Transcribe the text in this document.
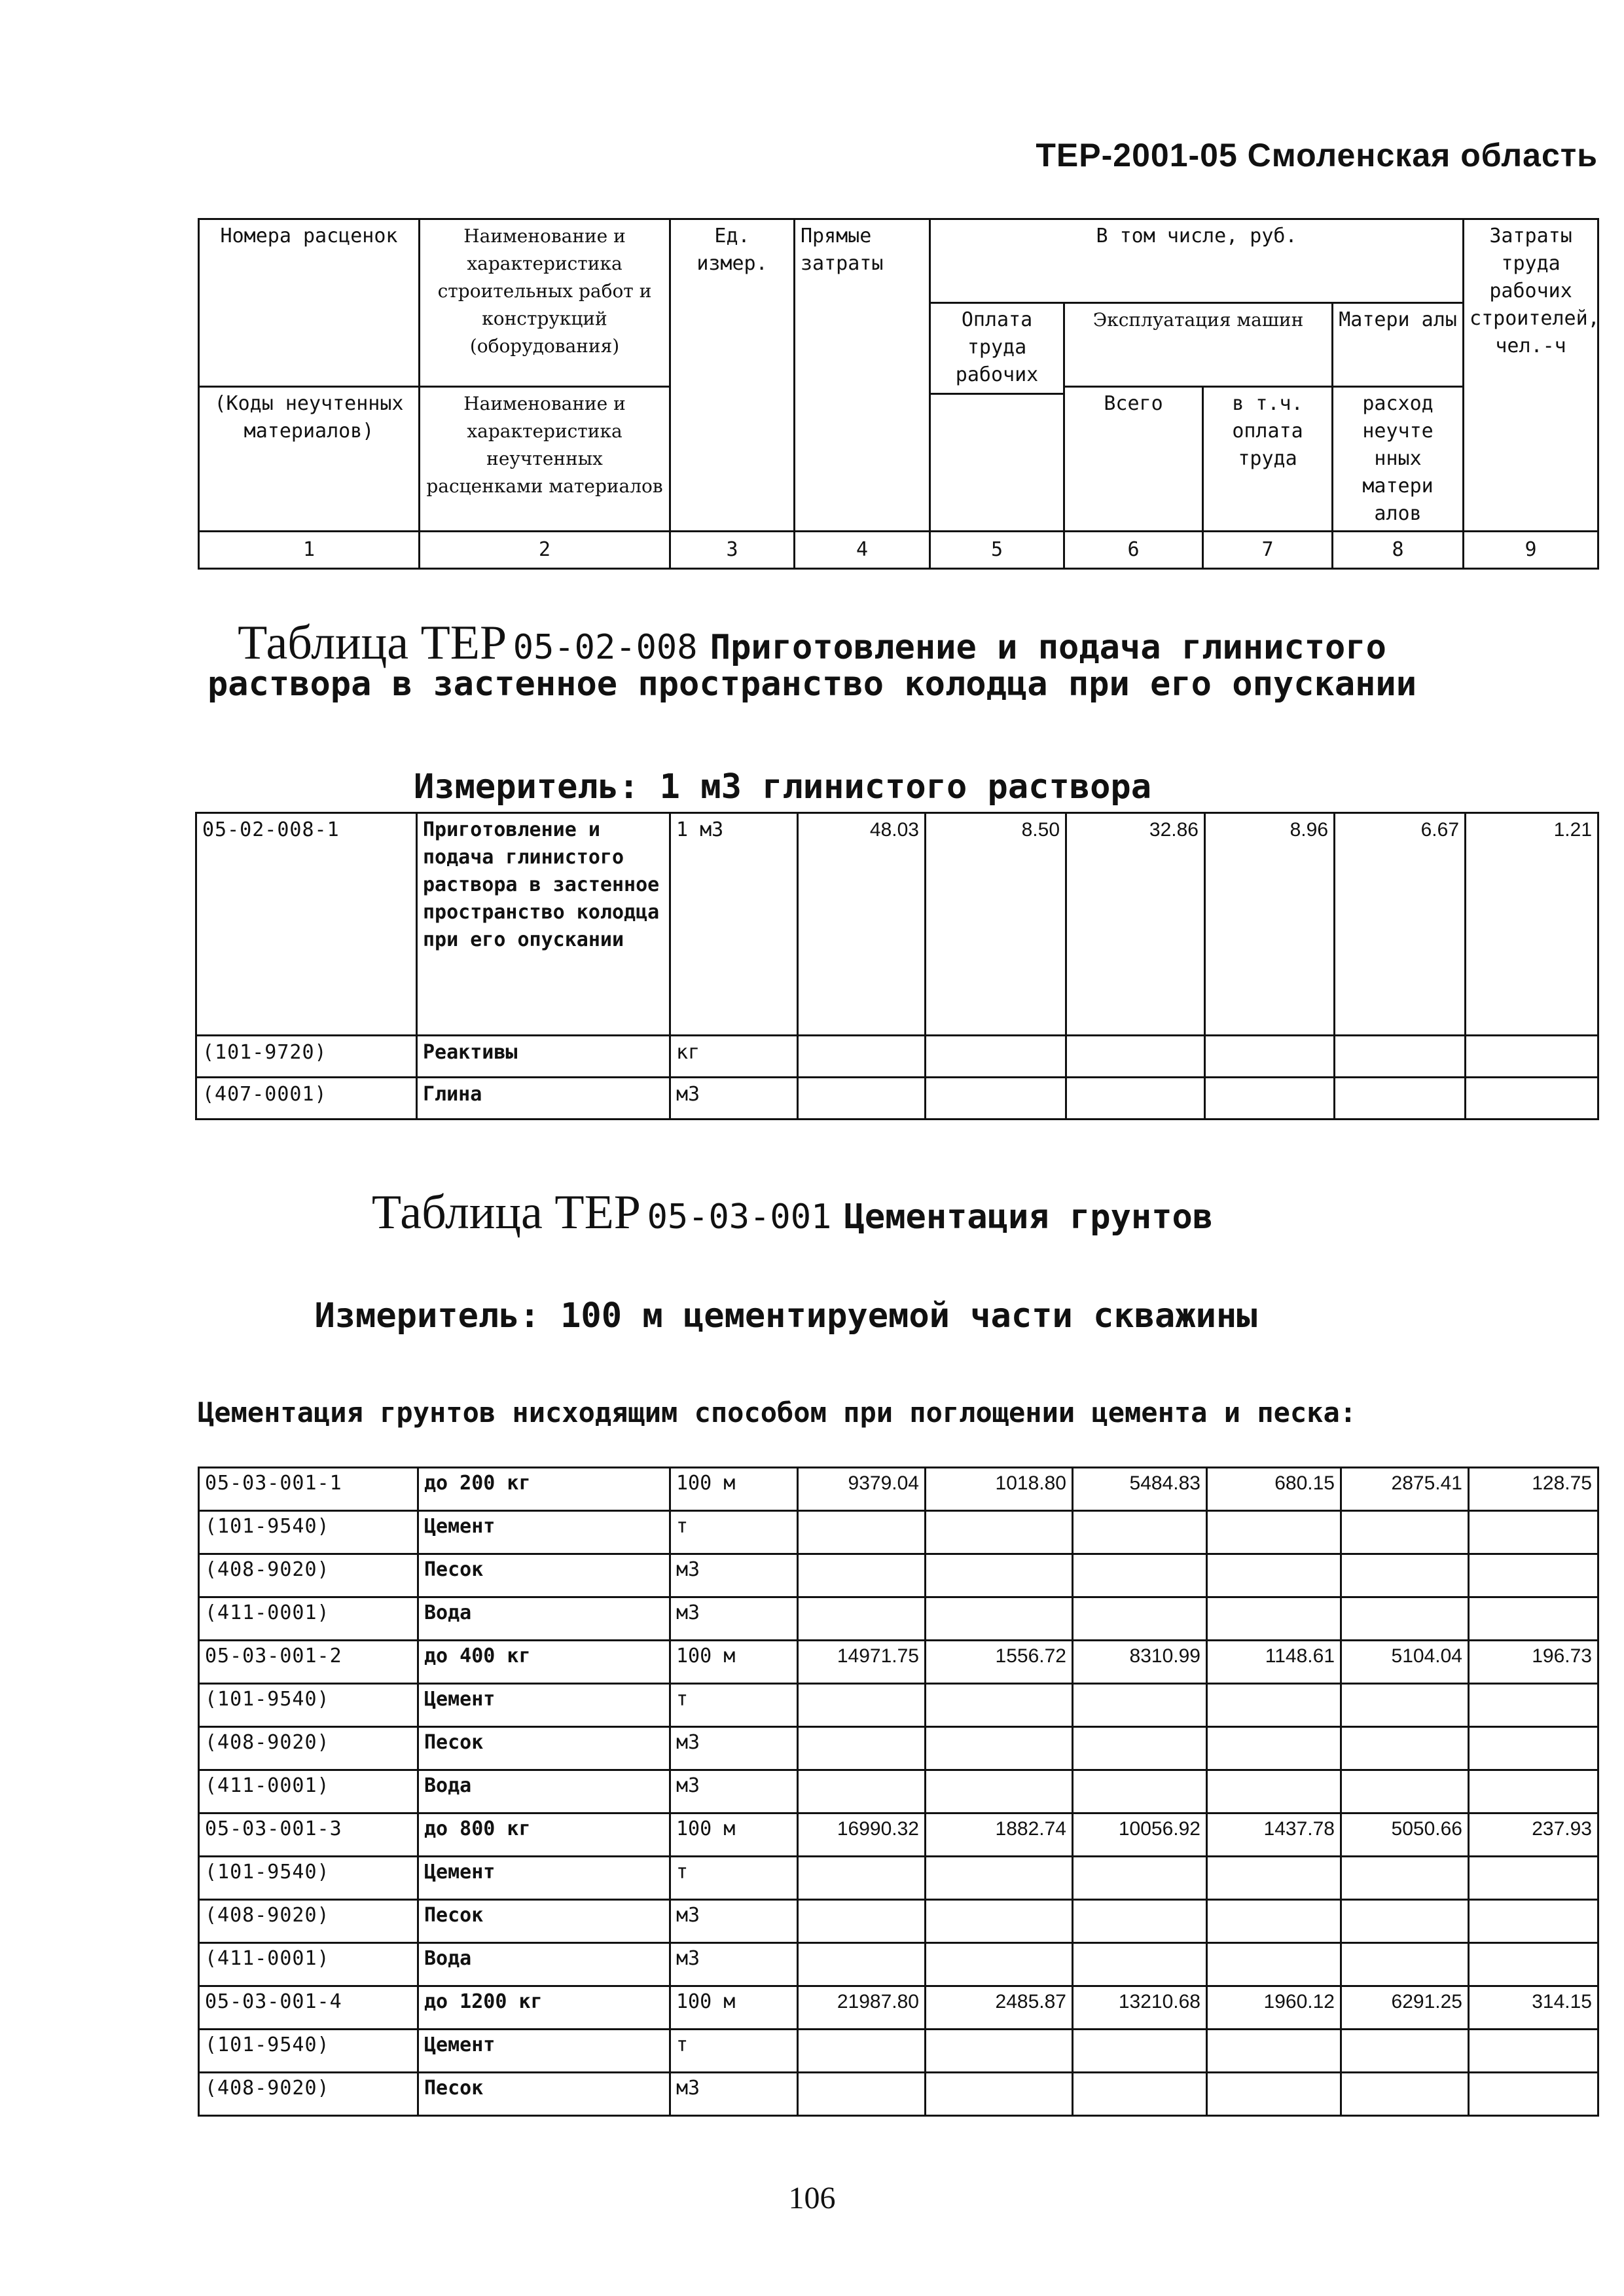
ТЕР-2001-05 Смоленская область
Номера расценок	Наименование и характеристика строительных работ и конструкций (оборудования)	Ед. измер.	Прямые затраты	В том числе, руб.				Затраты труда рабочих строителей, чел.-ч
				Оплата труда рабочих	Эксплуатация машин		Матери алы	
(Коды неучтенных материалов)	Наименование и характеристика неучтенных расценками материалов				Всего	в т.ч. оплата труда	расход неучте нных матери алов	

1	2	3	4	5	6	7	8	9
Таблица ТЕР 05-02-008 Приготовление и подача глинистого
раствора в застенное пространство колодца при его опускании
Измеритель: 1 м3 глинистого раствора
05-02-008-1	Приготовление и подача глинистого раствора в застенное пространство колодца при его опускании	1 м3	48.03	8.50	32.86	8.96	6.67	1.21
(101-9720)	Реактивы	кг						
(407-0001)	Глина	м3						
Таблица ТЕР 05-03-001 Цементация грунтов
Измеритель: 100 м цементируемой части скважины
Цементация грунтов нисходящим способом при поглощении цемента и песка:
05-03-001-1	до 200 кг	100 м	9379.04	1018.80	5484.83	680.15	2875.41	128.75
(101-9540)	Цемент	т						
(408-9020)	Песок	м3						
(411-0001)	Вода	м3						
05-03-001-2	до 400 кг	100 м	14971.75	1556.72	8310.99	1148.61	5104.04	196.73
(101-9540)	Цемент	т						
(408-9020)	Песок	м3						
(411-0001)	Вода	м3						
05-03-001-3	до 800 кг	100 м	16990.32	1882.74	10056.92	1437.78	5050.66	237.93
(101-9540)	Цемент	т						
(408-9020)	Песок	м3						
(411-0001)	Вода	м3						
05-03-001-4	до 1200 кг	100 м	21987.80	2485.87	13210.68	1960.12	6291.25	314.15
(101-9540)	Цемент	т						
(408-9020)	Песок	м3						
106
